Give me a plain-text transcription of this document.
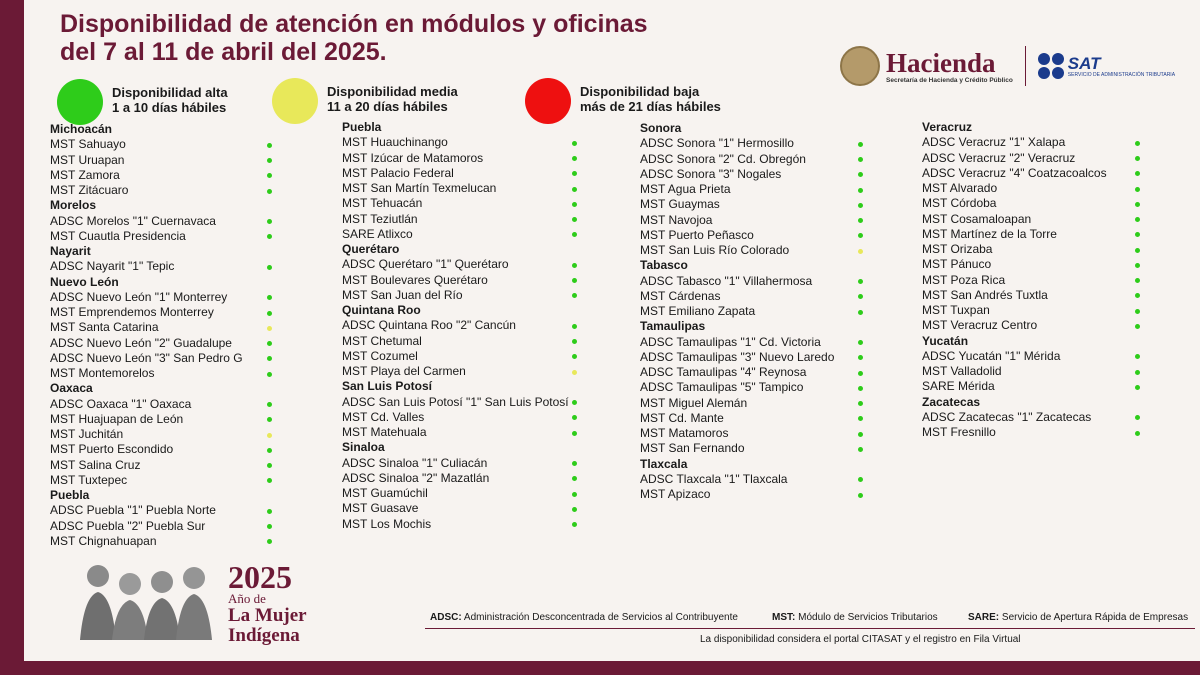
Disponibilidad de atención en módulos y oficinas
del 7 al 11 de abril del 2025.	Hacienda
Secretaría de Hacienda y Crédito Público
SAT
SERVICIO DE ADMINISTRACIÓN TRIBUTARIA
Disponibilidad alta
1 a 10 días hábiles
Disponibilidad media
11 a 20 días hábiles
Disponibilidad baja
más de 21 días hábiles
Michoacán
MST Sahuayo
MST Uruapan
MST Zamora
MST Zitácuaro
Morelos
ADSC Morelos "1" Cuernavaca
MST Cuautla Presidencia
Nayarit
ADSC Nayarit "1" Tepic
Nuevo León
ADSC Nuevo León "1" Monterrey
MST Emprendemos Monterrey
MST Santa Catarina
ADSC Nuevo León "2" Guadalupe
ADSC Nuevo León "3" San Pedro G
MST Montemorelos
Oaxaca
ADSC Oaxaca "1" Oaxaca
MST Huajuapan de León
MST Juchitán
MST Puerto Escondido
MST Salina Cruz
MST Tuxtepec
Puebla
ADSC Puebla "1" Puebla Norte
ADSC Puebla "2" Puebla Sur
MST Chignahuapan
Puebla
MST Huauchinango
MST Izúcar de Matamoros
MST Palacio Federal
MST San Martín Texmelucan
MST Tehuacán
MST Teziutlán
SARE Atlixco
Querétaro
ADSC Querétaro "1" Querétaro
MST Boulevares Querétaro
MST San Juan del Río
Quintana Roo
ADSC Quintana Roo "2" Cancún
MST Chetumal
MST Cozumel
MST Playa del Carmen
San Luis Potosí
ADSC San Luis Potosí "1" San Luis Potosí
MST Cd. Valles
MST Matehuala
Sinaloa
ADSC Sinaloa "1" Culiacán
ADSC Sinaloa "2" Mazatlán
MST Guamúchil
MST Guasave
MST Los Mochis
Sonora
ADSC Sonora "1" Hermosillo
ADSC Sonora "2" Cd. Obregón
ADSC Sonora "3" Nogales
MST Agua Prieta
MST Guaymas
MST Navojoa
MST Puerto Peñasco
MST San Luis Río Colorado
Tabasco
ADSC Tabasco "1" Villahermosa
MST Cárdenas
MST Emiliano Zapata
Tamaulipas
ADSC Tamaulipas "1" Cd. Victoria
ADSC Tamaulipas "3" Nuevo Laredo
ADSC Tamaulipas "4" Reynosa
ADSC Tamaulipas "5" Tampico
MST Miguel Alemán
MST Cd. Mante
MST Matamoros
MST San Fernando
Tlaxcala
ADSC Tlaxcala "1" Tlaxcala
MST Apizaco
Veracruz
ADSC Veracruz "1" Xalapa
ADSC Veracruz "2" Veracruz
ADSC Veracruz "4" Coatzacoalcos
MST Alvarado
MST Córdoba
MST Cosamaloapan
MST Martínez de la Torre
MST Orizaba
MST Pánuco
MST Poza Rica
MST San Andrés Tuxtla
MST Tuxpan
MST Veracruz Centro
Yucatán
ADSC Yucatán "1" Mérida
MST Valladolid
SARE Mérida
Zacatecas
ADSC Zacatecas "1" Zacatecas
MST Fresnillo
2025
Año de
La Mujer
Indígena
ADSC: Administración Desconcentrada de Servicios al Contribuyente	MST: Módulo de Servicios Tributarios	SARE: Servicio de Apertura Rápida de Empresas
La disponibilidad considera el portal CITASAT y el registro en Fila Virtual
